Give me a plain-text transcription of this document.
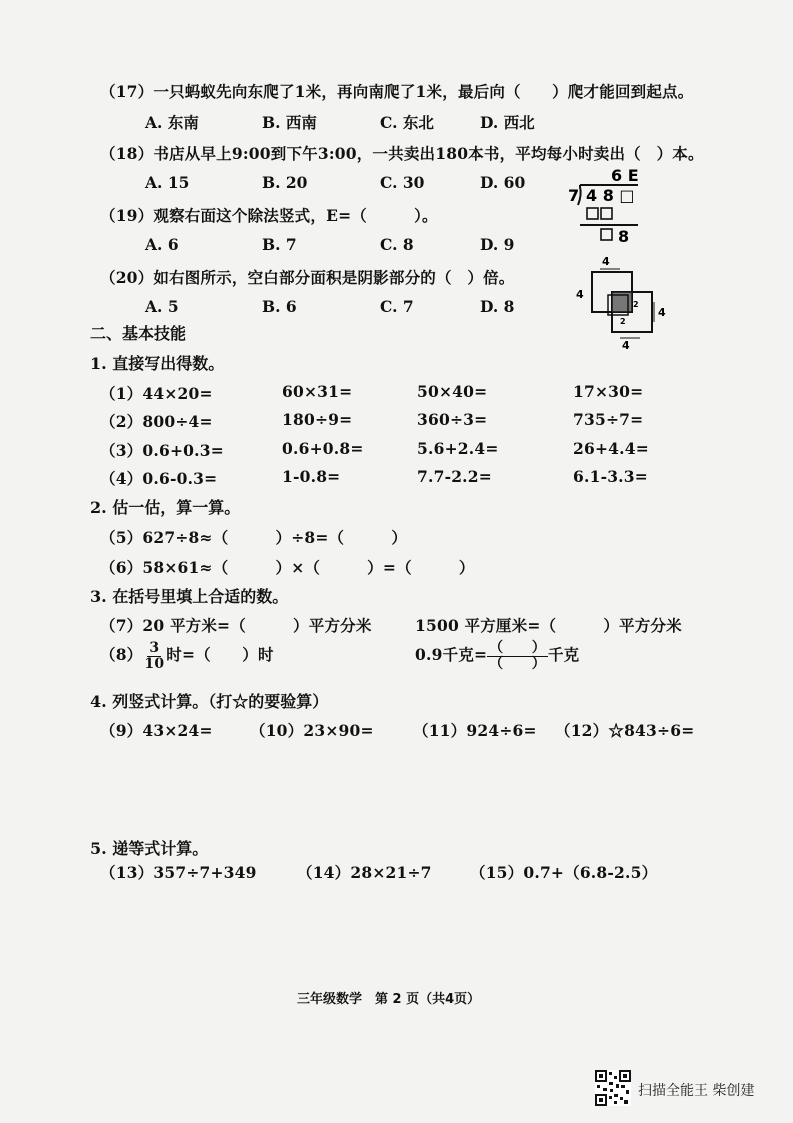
（17）一只蚂蚁先向东爬了1米，再向南爬了1米，最后向（　　）爬才能回到起点。
A. 东南	B. 西南	C. 东北	D. 西北
（18）书店从早上9:00到下午3:00，一共卖出180本书，平均每小时卖出（　）本。
A. 15	B. 20	C. 30	D. 60
（19）观察右面这个除法竖式，E=（　　　）。
A. 6	B. 7	C. 8	D. 9
6 E
7 4 8 □
8
（20）如右图所示，空白部分面积是阴影部分的（　）倍。
A. 5	B. 6	C. 7	D. 8
4
4
2
2
4
4
二、基本技能
1. 直接写出得数。
（1）44×20=	60×31=	50×40=	17×30=
（2）800÷4=	180÷9=	360÷3=	735÷7=
（3）0.6+0.3=	0.6+0.8=	5.6+2.4=	26+4.4=
（4）0.6-0.3=	1-0.8=	7.7-2.2=	6.1-3.3=
2. 估一估，算一算。
（5）627÷8≈（　　　）÷8=（　　　）
（6）58×61≈（　　　）×（　　　）=（　　　）
3. 在括号里填上合适的数。
（7）20 平方米=（　　　）平方分米	1500 平方厘米=（　　　）平方分米
$(8) \frac{3}{10}$ 时=（　　）时	0.9千克= $\frac{( )}{( )}$ 千克
4. 列竖式计算。（打☆的要验算）
（9）43×24= （10）23×90=	（11）924÷6= （12）☆843÷6=
5. 递等式计算。
（13）357÷7+349	（14）28×21÷7 （15）0.7+（6.8-2.5）
三年级数学　第 2 页（共4页）
扫描全能王 柴创建
